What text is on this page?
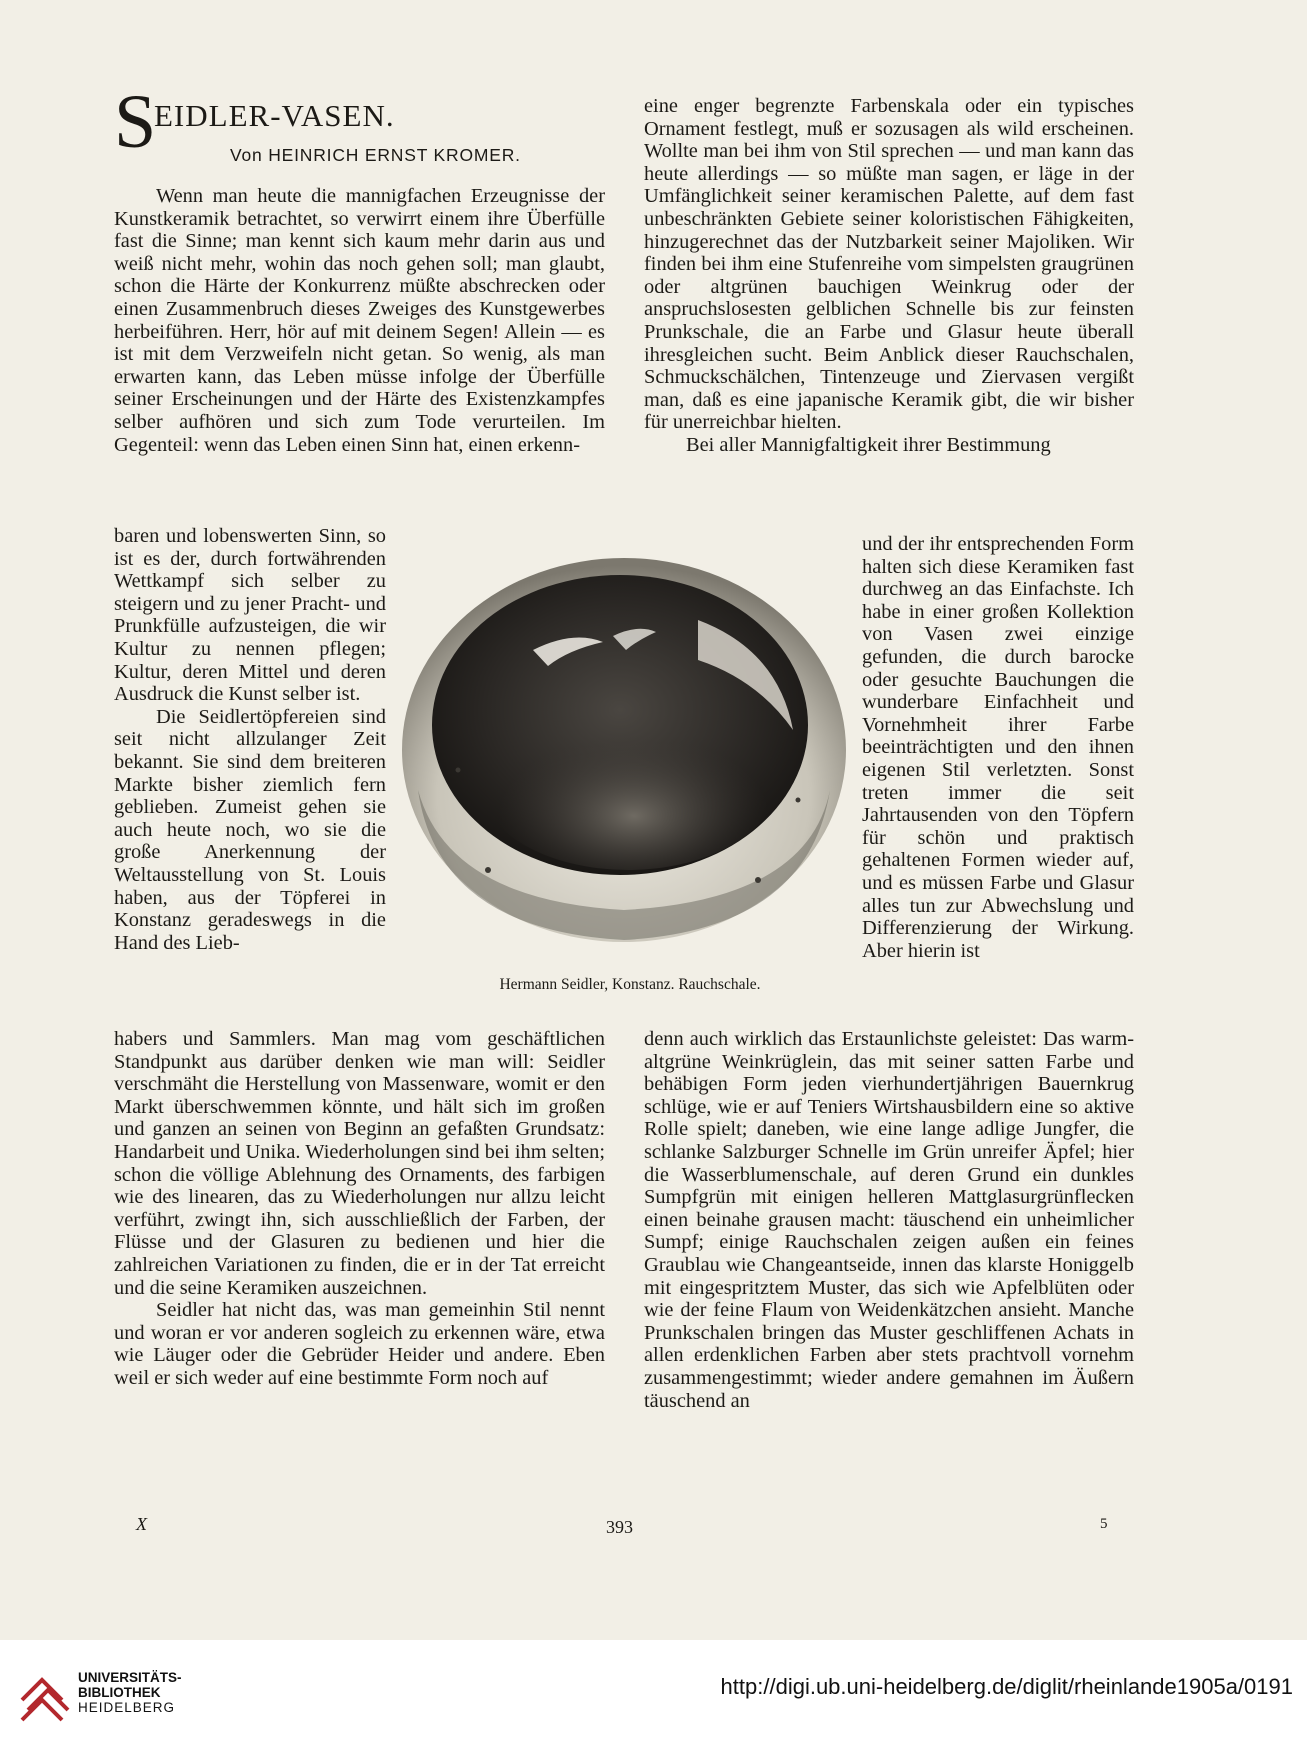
S
EIDLER-VASEN.
Von HEINRICH ERNST KROMER.

Wenn man heute die mannigfachen Erzeugnisse der Kunstkeramik betrachtet, so verwirrt einem ihre Überfülle fast die Sinne; man kennt sich kaum mehr darin aus und weiß nicht mehr, wohin das noch gehen soll; man glaubt, schon die Härte der Konkurrenz müßte abschrecken oder einen Zusammenbruch dieses Zweiges des Kunstgewerbes herbeiführen. Herr, hör auf mit deinem Segen! Allein — es ist mit dem Verzweifeln nicht getan. So wenig, als man erwarten kann, das Leben müsse infolge der Überfülle seiner Erscheinungen und der Härte des Existenzkampfes selber aufhören und sich zum Tode verurteilen. Im Gegenteil: wenn das Leben einen Sinn hat, einen erkenn-

baren und lobenswerten Sinn, so ist es der, durch fortwährenden Wettkampf sich selber zu steigern und zu jener Pracht- und Prunkfülle aufzusteigen, die wir Kultur zu nennen pflegen; Kultur, deren Mittel und deren Ausdruck die Kunst selber ist.

Die Seidlertöpfereien sind seit nicht allzulanger Zeit bekannt. Sie sind dem breiteren Markte bisher ziemlich fern geblieben. Zumeist gehen sie auch heute noch, wo sie die große Anerkennung der Weltausstellung von St. Louis haben, aus der Töpferei in Konstanz geradeswegs in die Hand des Lieb-

habers und Sammlers. Man mag vom geschäftlichen Standpunkt aus darüber denken wie man will: Seidler verschmäht die Herstellung von Massenware, womit er den Markt überschwemmen könnte, und hält sich im großen und ganzen an seinen von Beginn an gefaßten Grundsatz: Handarbeit und Unika. Wiederholungen sind bei ihm selten; schon die völlige Ablehnung des Ornaments, des farbigen wie des linearen, das zu Wiederholungen nur allzu leicht verführt, zwingt ihn, sich ausschließlich der Farben, der Flüsse und der Glasuren zu bedienen und hier die zahlreichen Variationen zu finden, die er in der Tat erreicht und die seine Keramiken auszeichnen.

Seidler hat nicht das, was man gemeinhin Stil nennt und woran er vor anderen sogleich zu erkennen wäre, etwa wie Läuger oder die Gebrüder Heider und andere. Eben weil er sich weder auf eine bestimmte Form noch auf

eine enger begrenzte Farbenskala oder ein typisches Ornament festlegt, muß er sozusagen als wild erscheinen. Wollte man bei ihm von Stil sprechen — und man kann das heute allerdings — so müßte man sagen, er läge in der Umfänglichkeit seiner keramischen Palette, auf dem fast unbeschränkten Gebiete seiner koloristischen Fähigkeiten, hinzugerechnet das der Nutzbarkeit seiner Majoliken. Wir finden bei ihm eine Stufenreihe vom simpelsten graugrünen oder altgrünen bauchigen Weinkrug oder der anspruchslosesten gelblichen Schnelle bis zur feinsten Prunkschale, die an Farbe und Glasur heute überall ihresgleichen sucht. Beim Anblick dieser Rauchschalen, Schmuckschälchen, Tintenzeuge und Ziervasen vergißt man, daß es eine japanische Keramik gibt, die wir bisher für unerreichbar hielten.

Bei aller Mannigfaltigkeit ihrer Bestimmung

und der ihr entsprechenden Form halten sich diese Keramiken fast durchweg an das Einfachste. Ich habe in einer großen Kollektion von Vasen zwei einzige gefunden, die durch barocke oder gesuchte Bauchungen die wunderbare Einfachheit und Vornehmheit ihrer Farbe beeinträchtigten und den ihnen eigenen Stil verletzten. Sonst treten immer die seit Jahrtausenden von den Töpfern für schön und praktisch gehaltenen Formen wieder auf, und es müssen Farbe und Glasur alles tun zur Abwechslung und Differenzierung der Wirkung. Aber hierin ist

denn auch wirklich das Erstaunlichste geleistet: Das warm-altgrüne Weinkrüglein, das mit seiner satten Farbe und behäbigen Form jeden vierhundertjährigen Bauernkrug schlüge, wie er auf Teniers Wirtshausbildern eine so aktive Rolle spielt; daneben, wie eine lange adlige Jungfer, die schlanke Salzburger Schnelle im Grün unreifer Äpfel; hier die Wasserblumenschale, auf deren Grund ein dunkles Sumpfgrün mit einigen helleren Mattglasurgrünflecken einen beinahe grausen macht: täuschend ein unheimlicher Sumpf; einige Rauchschalen zeigen außen ein feines Graublau wie Changeantseide, innen das klarste Honiggelb mit eingespritztem Muster, das sich wie Apfelblüten oder wie der feine Flaum von Weidenkätzchen ansieht. Manche Prunkschalen bringen das Muster geschliffenen Achats in allen erdenklichen Farben aber stets prachtvoll vornehm zusammengestimmt; wieder andere gemahnen im Äußern täuschend an

Hermann Seidler, Konstanz. Rauchschale.
X	393	5
UNIVERSITÄTS-
BIBLIOTHEK
HEIDELBERG
http://digi.ub.uni-heidelberg.de/diglit/rheinlande1905a/0191
